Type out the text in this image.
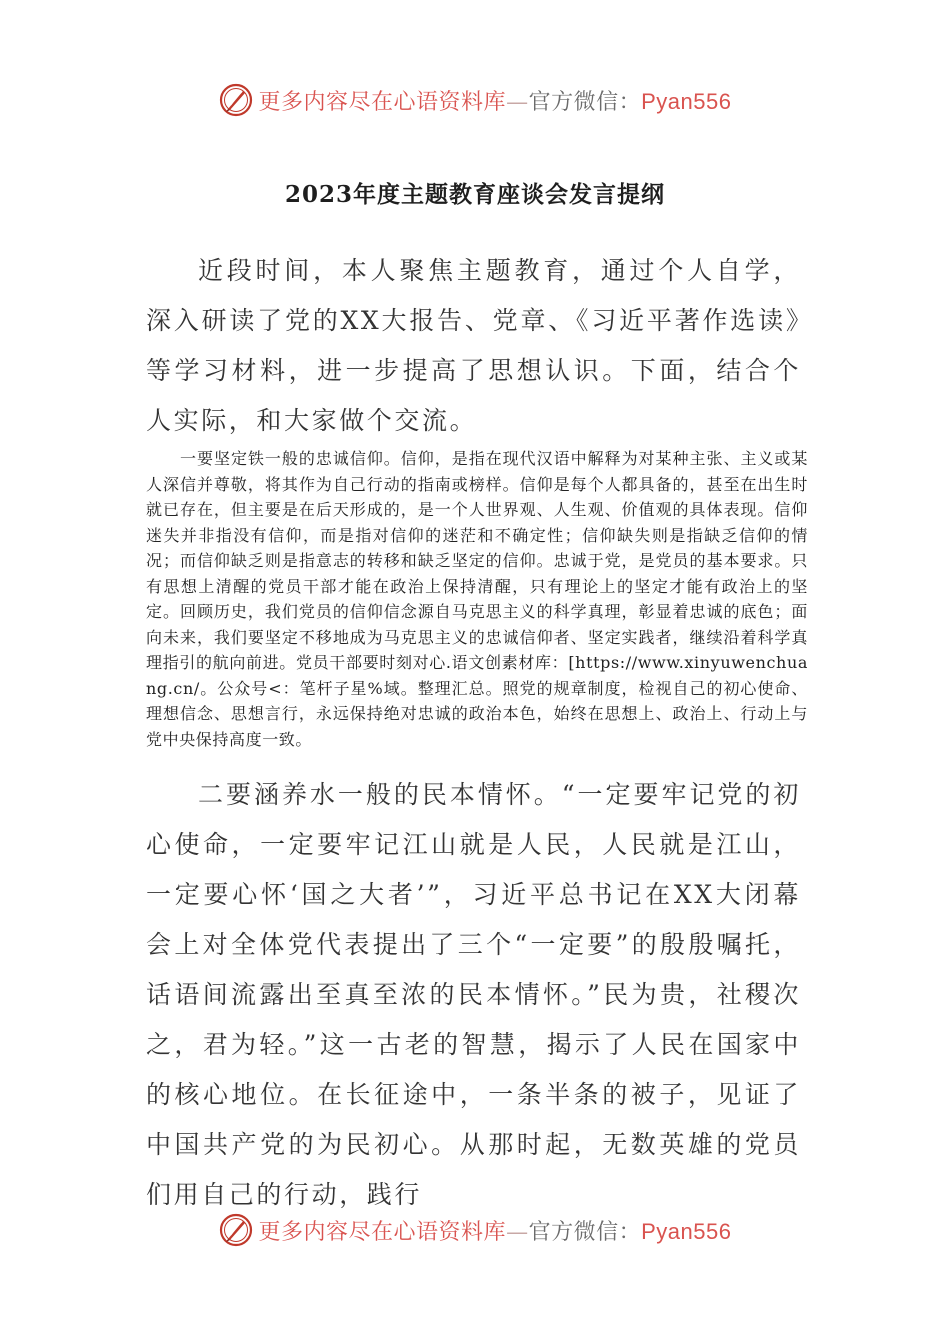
更多内容尽在心语资料库—官方微信：Pyan556
2023年度主题教育座谈会发言提纲

近段时间，本人聚焦主题教育，通过个人自学，深入研读了党的XX大报告、党章、《习近平著作选读》等学习材料，进一步提高了思想认识。下面，结合个人实际，和大家做个交流。

一要坚定铁一般的忠诚信仰。信仰，是指在现代汉语中解释为对某种主张、主义或某人深信并尊敬，将其作为自己行动的指南或榜样。信仰是每个人都具备的，甚至在出生时就已存在，但主要是在后天形成的，是一个人世界观、人生观、价值观的具体表现。信仰迷失并非指没有信仰，而是指对信仰的迷茫和不确定性；信仰缺失则是指缺乏信仰的情况；而信仰缺乏则是指意志的转移和缺乏坚定的信仰。忠诚于党，是党员的基本要求。只有思想上清醒的党员干部才能在政治上保持清醒，只有理论上的坚定才能有政治上的坚定。回顾历史，我们党员的信仰信念源自马克思主义的科学真理，彰显着忠诚的底色；面向未来，我们要坚定不移地成为马克思主义的忠诚信仰者、坚定实践者，继续沿着科学真理指引的航向前进。党员干部要时刻对心.语文创素材库：[https://www.xinyuwenchuang.cn/。公众号<：笔杆子星%域。整理汇总。照党的规章制度，检视自己的初心使命、理想信念、思想言行，永远保持绝对忠诚的政治本色，始终在思想上、政治上、行动上与党中央保持高度一致。

二要涵养水一般的民本情怀。“一定要牢记党的初心使命，一定要牢记江山就是人民，人民就是江山，一定要心怀‘国之大者’”，习近平总书记在XX大闭幕会上对全体党代表提出了三个“一定要”的殷殷嘱托，话语间流露出至真至浓的民本情怀。”民为贵，社稷次之，君为轻。”这一古老的智慧，揭示了人民在国家中的核心地位。在长征途中，一条半条的被子，见证了中国共产党的为民初心。从那时起，无数英雄的党员们用自己的行动，践行

更多内容尽在心语资料库—官方微信：Pyan556
